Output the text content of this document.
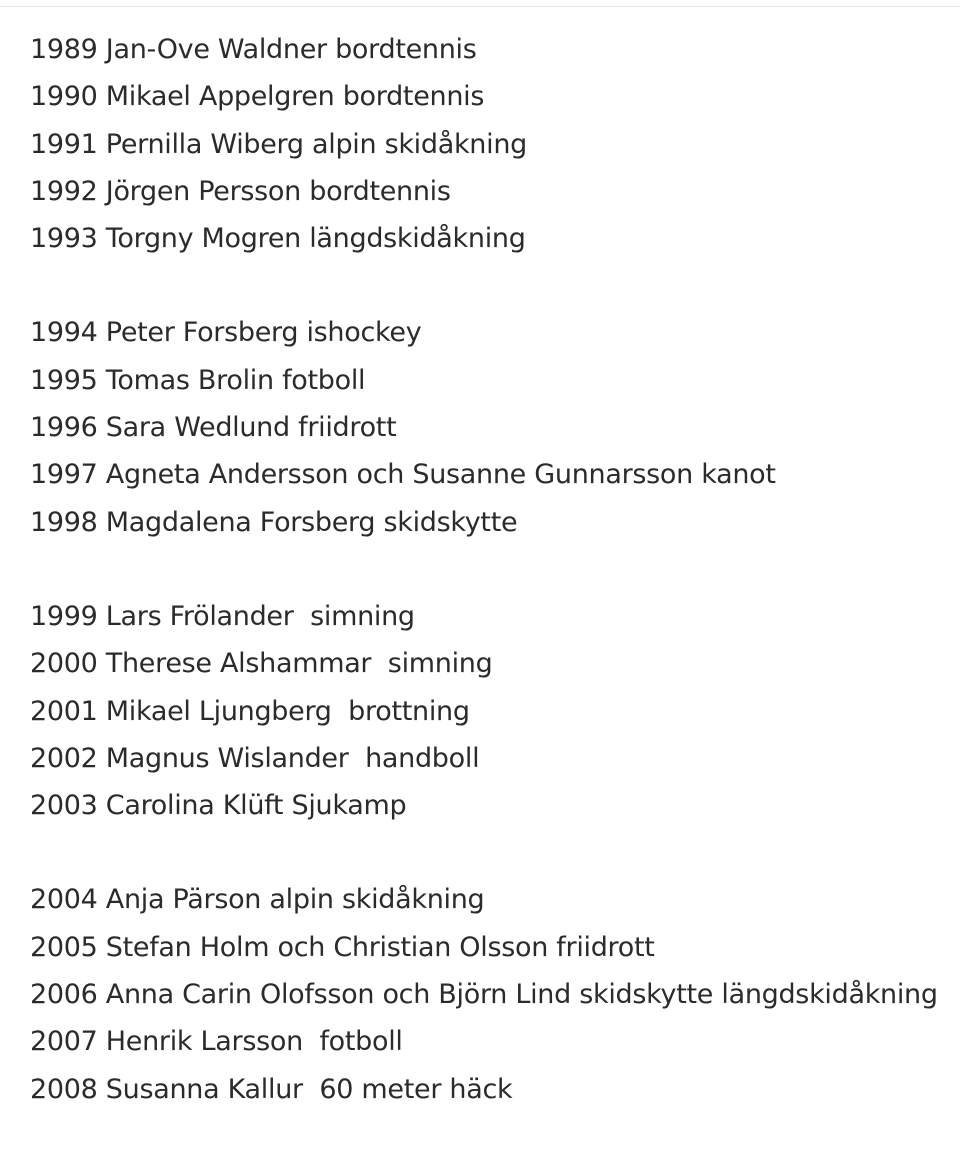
1989 Jan-Ove Waldner bordtennis
1990 Mikael Appelgren bordtennis
1991 Pernilla Wiberg alpin skidåkning
1992 Jörgen Persson bordtennis
1993 Torgny Mogren längdskidåkning
1994 Peter Forsberg ishockey
1995 Tomas Brolin fotboll
1996 Sara Wedlund friidrott
1997 Agneta Andersson och Susanne Gunnarsson kanot
1998 Magdalena Forsberg skidskytte
1999 Lars Frölander  simning
2000 Therese Alshammar  simning
2001 Mikael Ljungberg  brottning
2002 Magnus Wislander  handboll
2003 Carolina Klüft Sjukamp
2004 Anja Pärson alpin skidåkning
2005 Stefan Holm och Christian Olsson friidrott
2006 Anna Carin Olofsson och Björn Lind skidskytte längdskidåkning
2007 Henrik Larsson  fotboll
2008 Susanna Kallur  60 meter häck
